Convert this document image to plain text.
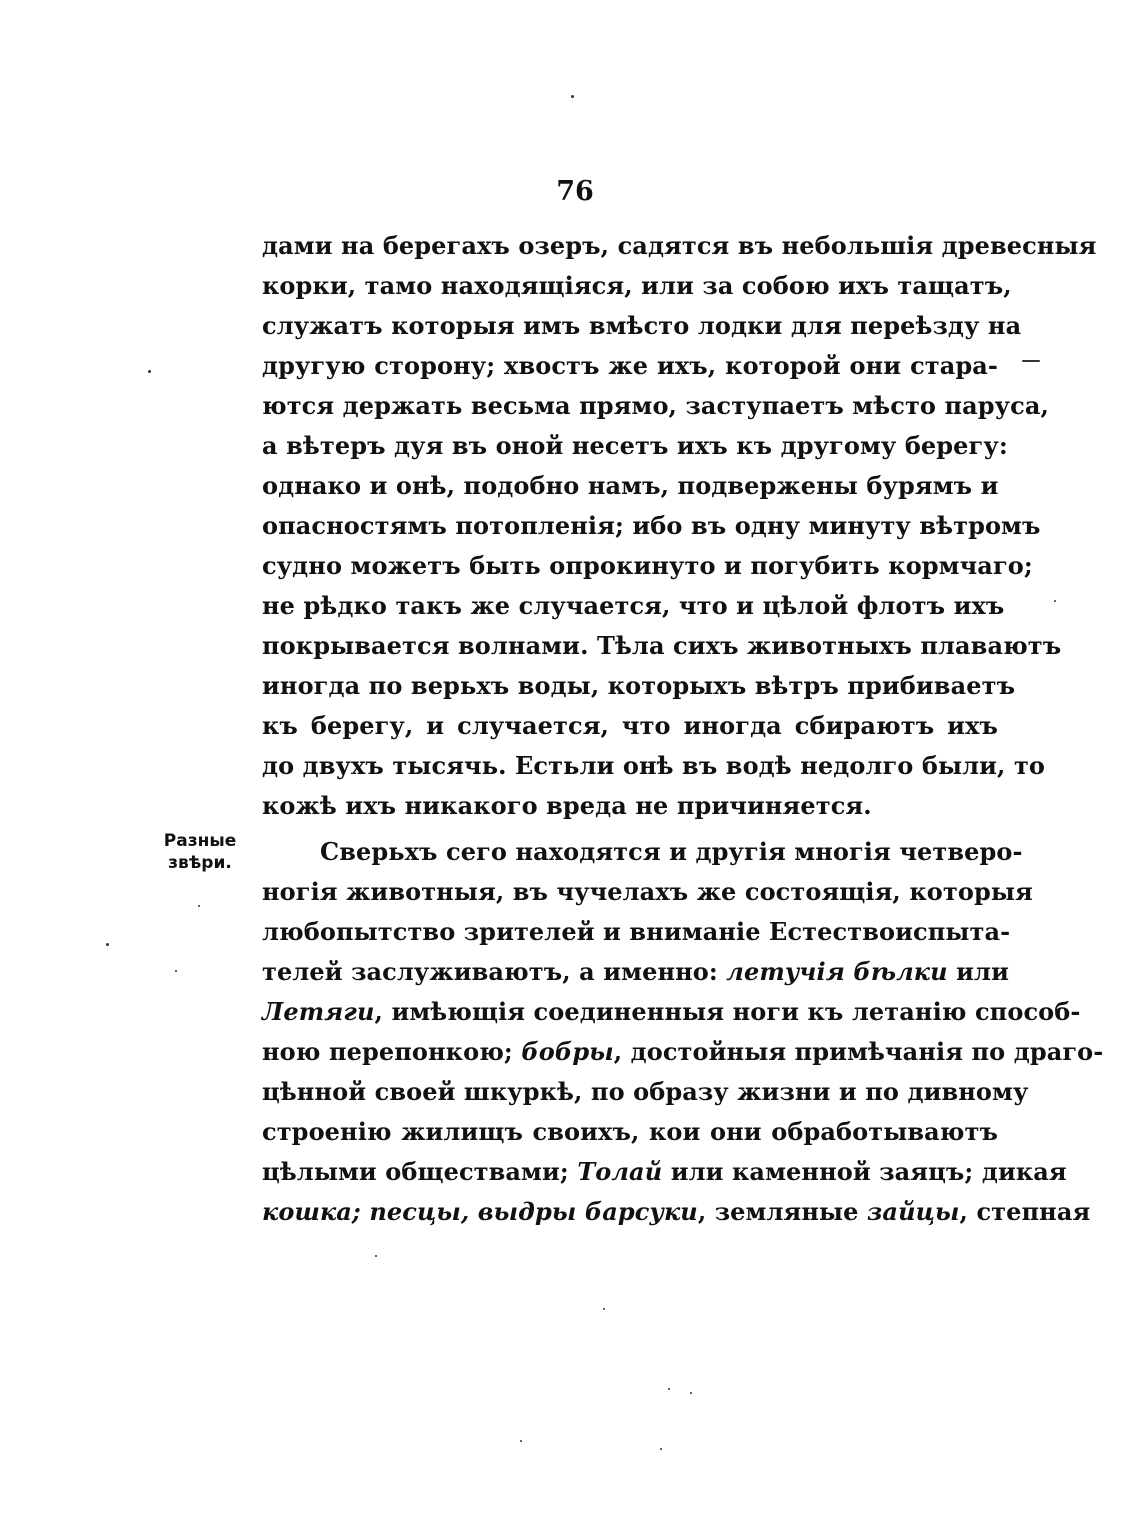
76
Разные
звѣри.
дами на берегахъ озеръ, садятся въ небольшія древесныя
корки, тамо находящіяся, или за собою ихъ тащатъ,
служатъ которыя имъ вмѣсто лодки для переѣзду на
другую сторону; хвостъ же ихъ, которой они стара-
ются держать весьма прямо, заступаетъ мѣсто паруса,
а вѣтеръ дуя въ оной несетъ ихъ къ другому берегу:
однако и онѣ, подобно намъ, подвержены бурямъ и
опасностямъ потопленія; ибо въ одну минуту вѣтромъ
судно можетъ быть опрокинуто и погубить кормчаго;
не рѣдко такъ же случается, что и цѣлой флотъ ихъ
покрывается волнами. Тѣла сихъ животныхъ плаваютъ
иногда по верьхъ воды, которыхъ вѣтръ прибиваетъ
къ берегу, и случается, что иногда сбираютъ ихъ
до двухъ тысячь. Естьли онѣ въ водѣ недолго были, то
кожѣ ихъ никакого вреда не причиняется.
Сверьхъ сего находятся и другія многія четверо-
ногія животныя, въ чучелахъ же состоящія, которыя
любопытство зрителей и вниманіе Естествоиспыта-
телей заслуживаютъ, а именно: летучія бѣлки или
Летяги, имѣющія соединенныя ноги къ летанію способ-
ною перепонкою; бобры, достойныя примѣчанія по драго-
цѣнной своей шкуркѣ, по образу жизни и по дивному
строенію жилищъ своихъ, кои они обработываютъ
цѣлыми обществами; Толай или каменной заяцъ; дикая
кошка; песцы, выдры барсуки, земляные зайцы, степная
